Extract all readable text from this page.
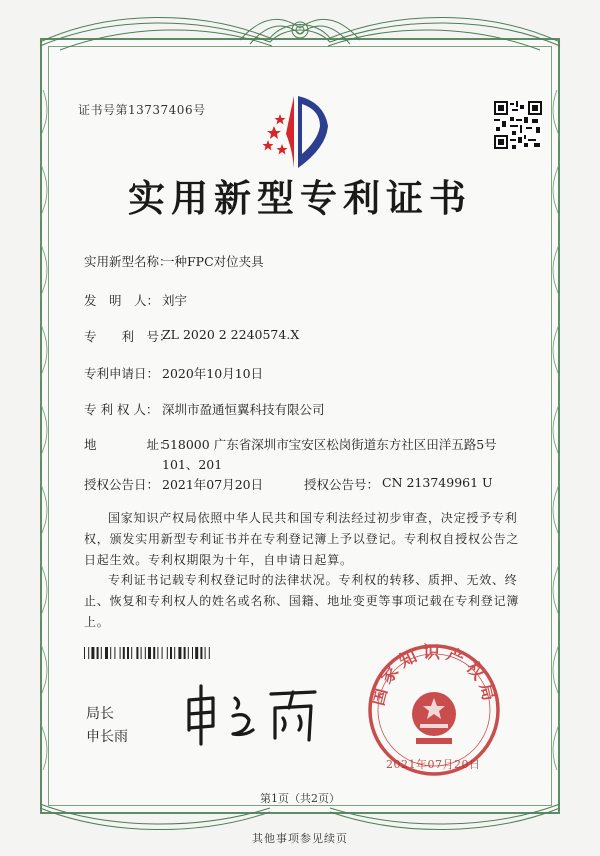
证书号第13737406号
实用新型专利证书
实用新型名称：
一种FPC对位夹具
发　明　人： 刘宇
专　　利　号：
ZL 2020 2 2240574.X
专利申请日： 2020年10月10日
专 利 权 人： 深圳市盈通恒翼科技有限公司
地　　　　址：
518000 广东省深圳市宝安区松岗街道东方社区田洋五路5号101、201
授权公告日： 2021年07月20日	授权公告号： CN 213749961 U
国家知识产权局依照中华人民共和国专利法经过初步审查，决定授予专利权，颁发实用新型专利证书并在专利登记簿上予以登记。专利权自授权公告之日起生效。专利权期限为十年，自申请日起算。
专利证书记载专利权登记时的法律状况。专利权的转移、质押、无效、终止、恢复和专利权人的姓名或名称、国籍、地址变更等事项记载在专利登记簿上。
局长
申长雨
国家知识产权局
2021年07月20日
第1页（共2页）
其他事项参见续页
